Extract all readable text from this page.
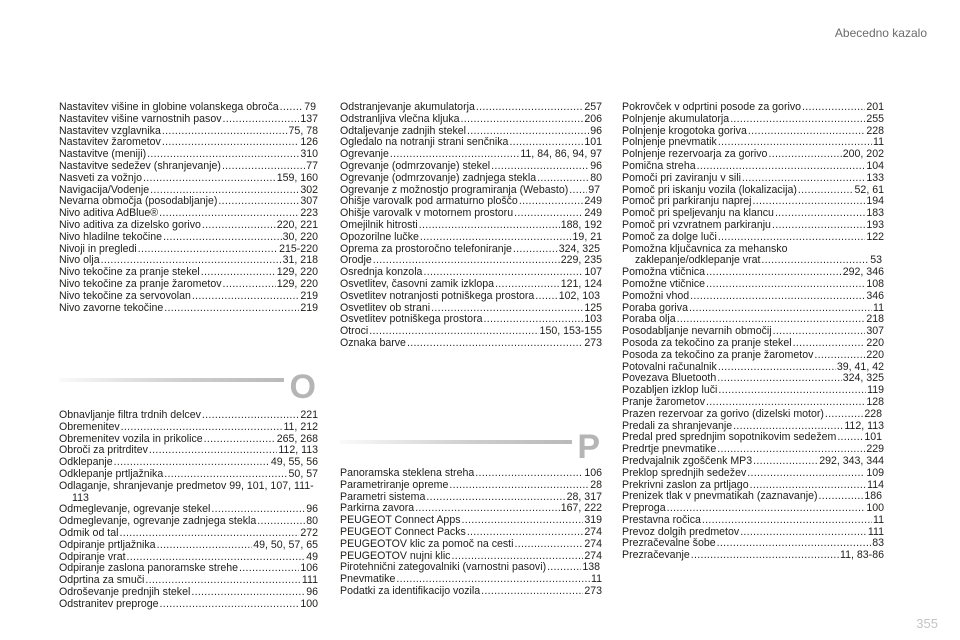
Abecedno kazalo
Nastavitev višine in globine volanskega obroča..... 79
Nastavitev višine varnostnih pasov .....	137
Nastavitev vzglavnika .....	75, 78
Nastavitev žarometov .....	126
Nastavitve (meniji) .....	310
Nastavitve sedežev (shranjevanje) .....	77
Nasveti za vožnjo .....	159, 160
Navigacija/Vodenje .....	302
Nevarna območja (posodabljanje) .....	307
Nivo aditiva AdBlue® .....	223
Nivo aditiva za dizelsko gorivo .....	220, 221
Nivo hladilne tekočine .....	30, 220
Nivoji in pregledi .....	215-220
Nivo olja .....	31, 218
Nivo tekočine za pranje stekel .....	129, 220
Nivo tekočine za pranje žarometov .....	129, 220
Nivo tekočine za servovolan .....	219
Nivo zavorne tekočine .....	219
Obnavljanje filtra trdnih delcev .....	221
Obremenitev .....	11, 212
Obremenitev vozila in prikolice .....	265, 268
Obroči za pritrditev .....	112, 113
Odklepanje .....	49, 55, 56
Odklepanje prtljažnika .....	50, 57
Odlaganje, shranjevanje predmetov 99, 101, 107, 111-113
Odmeglevanje, ogrevanje stekel .....	96
Odmeglevanje, ogrevanje zadnjega stekla .....	80
Odmik od tal .....	272
Odpiranje prtljažnika .....	49, 50, 57, 65
Odpiranje vrat .....	49
Odpiranje zaslona panoramske strehe .....	106
Odprtina za smuči .....	111
Odroševanje prednjih stekel .....	96
Odstranitev preproge .....	100
Odstranjevanje akumulatorja .....	257
Odstranljiva vlečna kljuka .....	206
Odtaljevanje zadnjih stekel .....	96
Ogledalo na notranji strani senčnika .....	101
Ogrevanje .....	11, 84, 86, 94, 97
Ogrevanje (odmrzovanje) stekel .....	96
Ogrevanje (odmrzovanje) zadnjega stekla .....	80
Ogrevanje z možnostjo programiranja (Webasto)..... 97
Ohišje varovalk pod armaturno ploščo .....	249
Ohišje varovalk v motornem prostoru .....	249
Omejilnik hitrosti .....	188, 192
Opozorilne lučke .....	19, 21
Oprema za prostoročno telefoniranje .....	324, 325
Orodje .....	229, 235
Osrednja konzola .....	107
Osvetlitev, časovni zamik izklopa .....	121, 124
Osvetlitev notranjosti potniškega prostora ..... 102, 103
Osvetlitev ob strani .....	125
Osvetlitev potniškega prostora .....	103
Otroci .....	150, 153-155
Oznaka barve .....	273
Panoramska steklena streha .....	106
Parametriranje opreme .....	28
Parametri sistema .....	28, 317
Parkirna zavora .....	167, 222
PEUGEOT Connect Apps .....	319
PEUGEOT Connect Packs .....	274
PEUGEOTOV klic za pomoč na cesti .....	274
PEUGEOTOV nujni klic .....	274
Pirotehnični zategovalniki (varnostni pasovi).....	138
Pnevmatike .....	11
Podatki za identifikacijo vozila .....	273
Pokrovček v odprtini posode za gorivo .....	201
Polnjenje akumulatorja .....	255
Polnjenje krogotoka goriva .....	228
Polnjenje pnevmatik .....	11
Polnjenje rezervoarja za gorivo .....	200, 202
Pomična streha .....	104
Pomoči pri zaviranju v sili .....	133
Pomoč pri iskanju vozila (lokalizacija) .....	52, 61
Pomoč pri parkiranju naprej .....	194
Pomoč pri speljevanju na klancu .....	183
Pomoč pri vzvratnem parkiranju .....	193
Pomoč za dolge luči .....	122
Pomožna ključavnica za mehansko zaklepanje/odklepanje vrat.....	53
Pomožna vtičnica .....	292, 346
Pomožne vtičnice .....	108
Pomožni vhod .....	346
Poraba goriva .....	11
Poraba olja .....	218
Posodabljanje nevarnih območij .....	307
Posoda za tekočino za pranje stekel .....	220
Posoda za tekočino za pranje žarometov .....	220
Potovalni računalnik .....	39, 41, 42
Povezava Bluetooth .....	324, 325
Pozabljen izklop luči .....	119
Pranje žarometov .....	128
Prazen rezervoar za gorivo (dizelski motor).....	228
Predali za shranjevanje .....	112, 113
Predal pred sprednjim sopotnikovim sedežem.....	101
Predrtje pnevmatike .....	229
Predvajalnik zgoščenk MP3 .....	292, 343, 344
Preklop sprednjih sedežev .....	109
Prekrivni zaslon za prtljago .....	114
Prenizek tlak v pnevmatikah (zaznavanje).....	186
Preproga .....	100
Prestavna ročica .....	11
Prevoz dolgih predmetov .....	111
Prezračevalne šobe .....	83
Prezračevanje .....	11, 83-86
O
P
355
